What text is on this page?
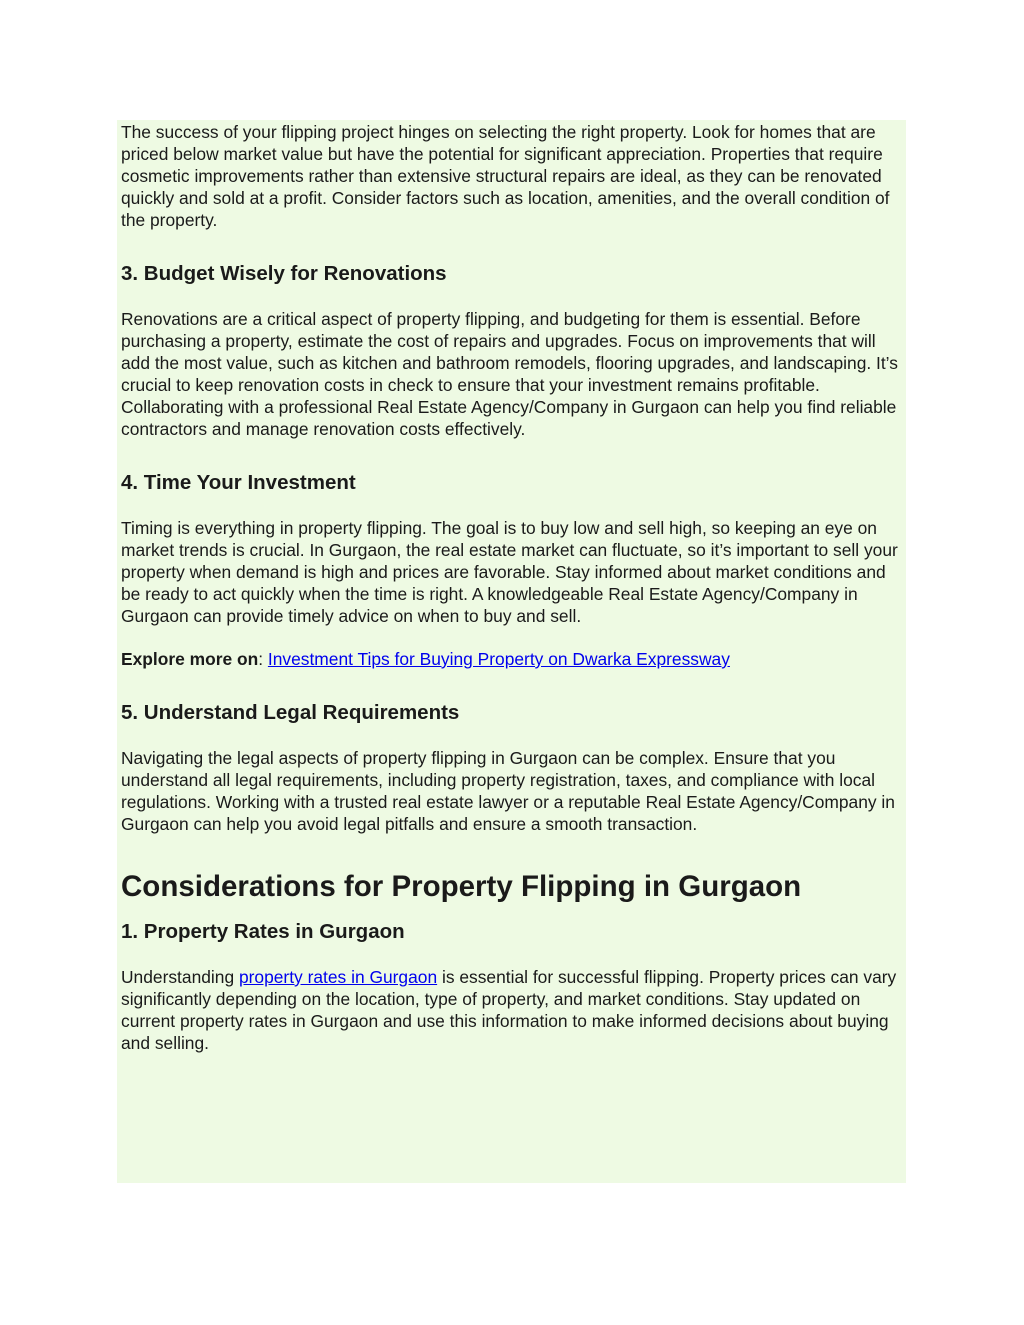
The success of your flipping project hinges on selecting the right property. Look for homes that are priced below market value but have the potential for significant appreciation. Properties that require cosmetic improvements rather than extensive structural repairs are ideal, as they can be renovated quickly and sold at a profit. Consider factors such as location, amenities, and the overall condition of the property.

3. Budget Wisely for Renovations

Renovations are a critical aspect of property flipping, and budgeting for them is essential. Before purchasing a property, estimate the cost of repairs and upgrades. Focus on improvements that will add the most value, such as kitchen and bathroom remodels, flooring upgrades, and landscaping. It’s crucial to keep renovation costs in check to ensure that your investment remains profitable. Collaborating with a professional Real Estate Agency/Company in Gurgaon can help you find reliable contractors and manage renovation costs effectively.

4. Time Your Investment

Timing is everything in property flipping. The goal is to buy low and sell high, so keeping an eye on market trends is crucial. In Gurgaon, the real estate market can fluctuate, so it’s important to sell your property when demand is high and prices are favorable. Stay informed about market conditions and be ready to act quickly when the time is right. A knowledgeable Real Estate Agency/Company in Gurgaon can provide timely advice on when to buy and sell.

Explore more on: Investment Tips for Buying Property on Dwarka Expressway

5. Understand Legal Requirements

Navigating the legal aspects of property flipping in Gurgaon can be complex. Ensure that you understand all legal requirements, including property registration, taxes, and compliance with local regulations. Working with a trusted real estate lawyer or a reputable Real Estate Agency/Company in Gurgaon can help you avoid legal pitfalls and ensure a smooth transaction.

Considerations for Property Flipping in Gurgaon
1. Property Rates in Gurgaon

Understanding property rates in Gurgaon is essential for successful flipping. Property prices can vary significantly depending on the location, type of property, and market conditions. Stay updated on current property rates in Gurgaon and use this information to make informed decisions about buying and selling.
